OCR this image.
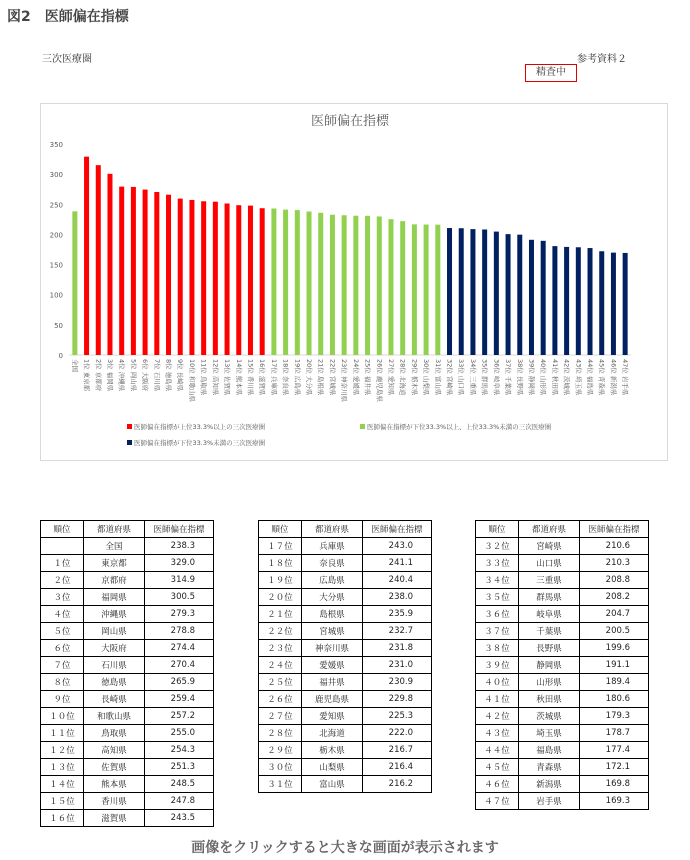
図2　医師偏在指標
三次医療圏	参考資料２
精査中
医師偏在指標
0
50
100
150
200
250
300
350
全国 1位 東京都 2位 京都府 3位 福岡県 4位 沖縄県 5位 岡山県 6位 大阪府 7位 石川県 8位 徳島県 9位 長崎県 10位 和歌山県 11位 鳥取県 12位 高知県 13位 佐賀県 14位 熊本県 15位 香川県 16位 滋賀県 17位 兵庫県 18位 奈良県 19位 広島県 20位 大分県 21位 島根県 22位 宮城県 23位 神奈川県 24位 愛媛県 25位 福井県 26位 鹿児島県 27位 愛知県 28位 北海道 29位 栃木県 30位 山梨県 31位 富山県 32位 宮崎県 33位 山口県 34位 三重県 35位 群馬県 36位 岐阜県 37位 千葉県 38位 長野県 39位 静岡県 40位 山形県 41位 秋田県 42位 茨城県 43位 埼玉県 44位 福島県 45位 青森県 46位 新潟県 47位 岩手県
医師偏在指標が上位33.3%以上の三次医療圏	医師偏在指標が下位33.3%以上、上位33.3%未満の三次医療圏
医師偏在指標が下位33.3%未満の三次医療圏
順位	都道府県	医師偏在指標
	全国	238.3
１位	東京都	329.0
２位	京都府	314.9
３位	福岡県	300.5
４位	沖縄県	279.3
５位	岡山県	278.8
６位	大阪府	274.4
７位	石川県	270.4
８位	徳島県	265.9
９位	長崎県	259.4
１０位	和歌山県	257.2
１１位	鳥取県	255.0
１２位	高知県	254.3
１３位	佐賀県	251.3
１４位	熊本県	248.5
１５位	香川県	247.8
１６位	滋賀県	243.5
順位	都道府県	医師偏在指標
１７位	兵庫県	243.0
１８位	奈良県	241.1
１９位	広島県	240.4
２０位	大分県	238.0
２１位	島根県	235.9
２２位	宮城県	232.7
２３位	神奈川県	231.8
２４位	愛媛県	231.0
２５位	福井県	230.9
２６位	鹿児島県	229.8
２７位	愛知県	225.3
２８位	北海道	222.0
２９位	栃木県	216.7
３０位	山梨県	216.4
３１位	富山県	216.2
順位	都道府県	医師偏在指標
３２位	宮崎県	210.6
３３位	山口県	210.3
３４位	三重県	208.8
３５位	群馬県	208.2
３６位	岐阜県	204.7
３７位	千葉県	200.5
３８位	長野県	199.6
３９位	静岡県	191.1
４０位	山形県	189.4
４１位	秋田県	180.6
４２位	茨城県	179.3
４３位	埼玉県	178.7
４４位	福島県	177.4
４５位	青森県	172.1
４６位	新潟県	169.8
４７位	岩手県	169.3
画像をクリックすると大きな画面が表示されます
